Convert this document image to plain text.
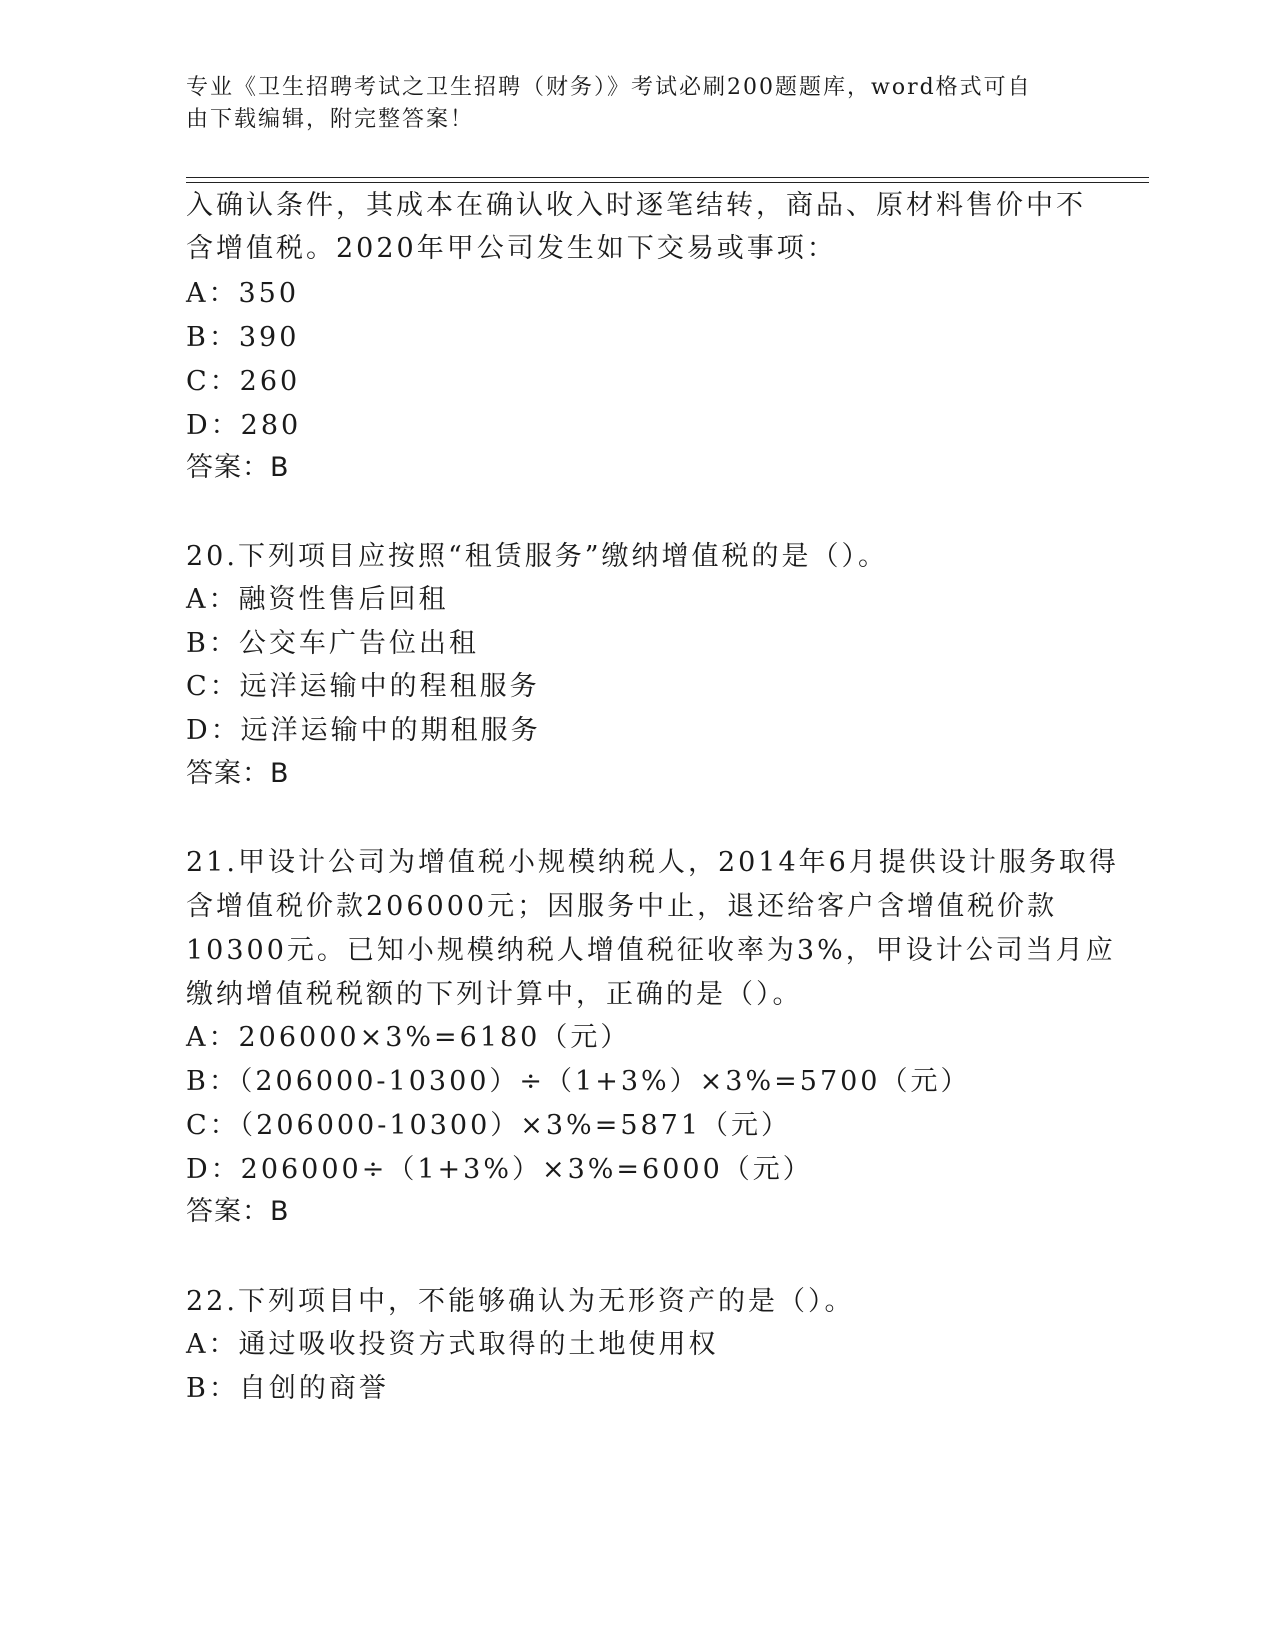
专业《卫生招聘考试之卫生招聘（财务）》考试必刷200题题库，word格式可自
由下载编辑，附完整答案！
入确认条件，其成本在确认收入时逐笔结转，商品、原材料售价中不
含增值税。2020年甲公司发生如下交易或事项：
A：350
B：390
C：260
D：280
答案：B
20.下列项目应按照“租赁服务”缴纳增值税的是（）。
A：融资性售后回租
B：公交车广告位出租
C：远洋运输中的程租服务
D：远洋运输中的期租服务
答案：B
21.甲设计公司为增值税小规模纳税人，2014年6月提供设计服务取得
含增值税价款206000元；因服务中止，退还给客户含增值税价款
10300元。已知小规模纳税人增值税征收率为3%，甲设计公司当月应
缴纳增值税税额的下列计算中，正确的是（）。
A：206000×3%=6180（元）
B：（206000-10300）÷（1+3%）×3%=5700（元）
C：（206000-10300）×3%=5871（元）
D：206000÷（1+3%）×3%=6000（元）
答案：B
22.下列项目中，不能够确认为无形资产的是（）。
A：通过吸收投资方式取得的土地使用权
B：自创的商誉
